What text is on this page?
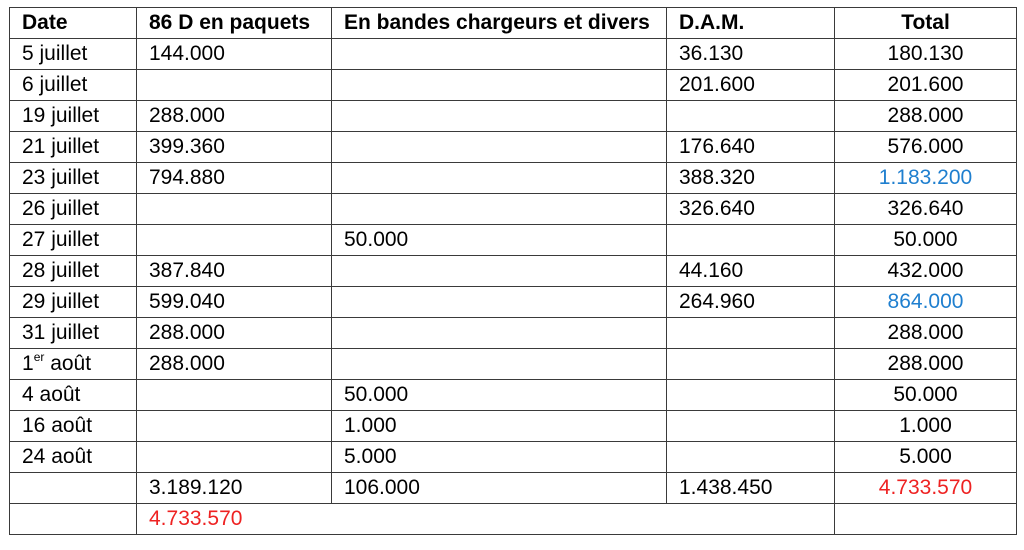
Date	86 D en paquets	En bandes chargeurs et divers	D.A.M.	Total
5 juillet	144.000		36.130	180.130
6 juillet			201.600	201.600
19 juillet	288.000			288.000
21 juillet	399.360		176.640	576.000
23 juillet	794.880		388.320	1.183.200
26 juillet			326.640	326.640
27 juillet		50.000		50.000
28 juillet	387.840		44.160	432.000
29 juillet	599.040		264.960	864.000
31 juillet	288.000			288.000
1er août	288.000			288.000
4 août		50.000		50.000
16 août		1.000		1.000
24 août		5.000		5.000
	3.189.120	106.000	1.438.450	4.733.570
	4.733.570			
